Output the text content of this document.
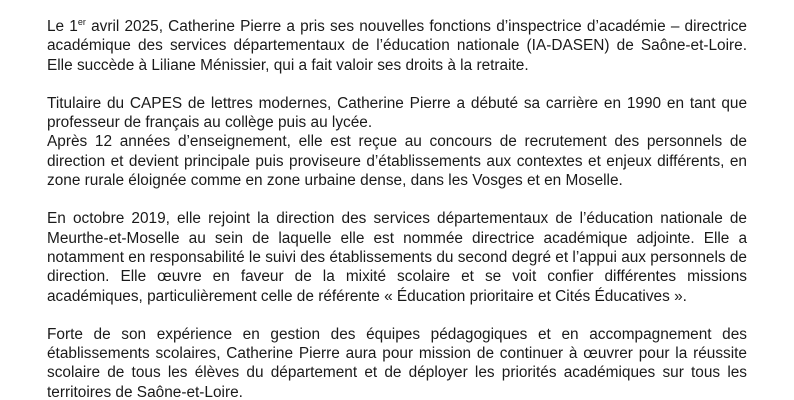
Le 1er avril 2025, Catherine Pierre a pris ses nouvelles fonctions d’inspectrice d’académie – directrice académique des services départementaux de l’éducation nationale (IA-DASEN) de Saône-et-Loire. Elle succède à Liliane Ménissier, qui a fait valoir ses droits à la retraite.

Titulaire du CAPES de lettres modernes, Catherine Pierre a débuté sa carrière en 1990 en tant que professeur de français au collège puis au lycée.

Après 12 années d’enseignement, elle est reçue au concours de recrutement des personnels de direction et devient principale puis proviseure d’établissements aux contextes et enjeux différents, en zone rurale éloignée comme en zone urbaine dense, dans les Vosges et en Moselle.

En octobre 2019, elle rejoint la direction des services départementaux de l’éducation nationale de Meurthe-et-Moselle au sein de laquelle elle est nommée directrice académique adjointe. Elle a notamment en responsabilité le suivi des établissements du second degré et l’appui aux personnels de direction. Elle œuvre en faveur de la mixité scolaire et se voit confier différentes missions académiques, particulièrement celle de référente « Éducation prioritaire et Cités Éducatives ».

Forte de son expérience en gestion des équipes pédagogiques et en accompagnement des établissements scolaires, Catherine Pierre aura pour mission de continuer à œuvrer pour la réussite scolaire de tous les élèves du département et de déployer les priorités académiques sur tous les territoires de Saône-et-Loire.
